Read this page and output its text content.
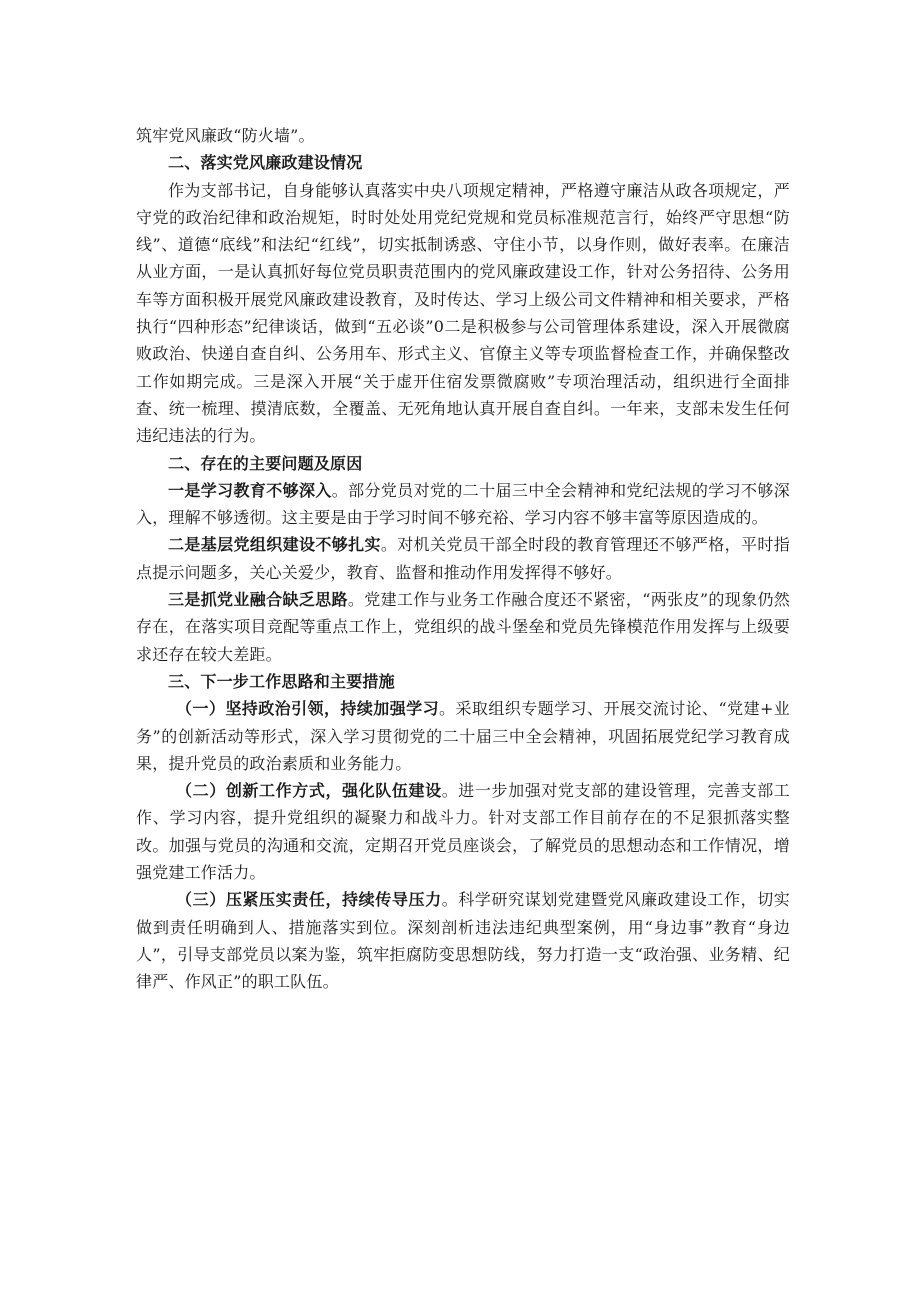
筑牢党风廉政“防火墙”。

二、落实党风廉政建设情况

作为支部书记，自身能够认真落实中央八项规定精神，严格遵守廉洁从政各项规定，严守党的政治纪律和政治规矩，时时处处用党纪党规和党员标准规范言行，始终严守思想“防线”、道德“底线”和法纪“红线”，切实抵制诱惑、守住小节，以身作则，做好表率。在廉洁从业方面，一是认真抓好每位党员职责范围内的党风廉政建设工作，针对公务招待、公务用车等方面积极开展党风廉政建设教育，及时传达、学习上级公司文件精神和相关要求，严格执行“四种形态”纪律谈话，做到“五必谈”0二是积极参与公司管理体系建设，深入开展微腐败政治、快递自查自纠、公务用车、形式主义、官僚主义等专项监督检查工作，并确保整改工作如期完成。三是深入开展“关于虚开住宿发票微腐败”专项治理活动，组织进行全面排查、统一梳理、摸清底数，全覆盖、无死角地认真开展自查自纠。一年来，支部未发生任何违纪违法的行为。

二、存在的主要问题及原因

一是学习教育不够深入。部分党员对党的二十届三中全会精神和党纪法规的学习不够深入，理解不够透彻。这主要是由于学习时间不够充裕、学习内容不够丰富等原因造成的。

二是基层党组织建设不够扎实。对机关党员干部全时段的教育管理还不够严格，平时指点提示问题多，关心关爱少，教育、监督和推动作用发挥得不够好。

三是抓党业融合缺乏思路。党建工作与业务工作融合度还不紧密，“两张皮”的现象仍然存在，在落实项目竞配等重点工作上，党组织的战斗堡垒和党员先锋模范作用发挥与上级要求还存在较大差距。

三、下一步工作思路和主要措施

（一）坚持政治引领，持续加强学习。采取组织专题学习、开展交流讨论、“党建+业务”的创新活动等形式，深入学习贯彻党的二十届三中全会精神，巩固拓展党纪学习教育成果，提升党员的政治素质和业务能力。

（二）创新工作方式，强化队伍建设。进一步加强对党支部的建设管理，完善支部工作、学习内容，提升党组织的凝聚力和战斗力。针对支部工作目前存在的不足狠抓落实整改。加强与党员的沟通和交流，定期召开党员座谈会，了解党员的思想动态和工作情况，增强党建工作活力。

（三）压紧压实责任，持续传导压力。科学研究谋划党建暨党风廉政建设工作，切实做到责任明确到人、措施落实到位。深刻剖析违法违纪典型案例，用“身边事”教育“身边人”，引导支部党员以案为鉴，筑牢拒腐防变思想防线，努力打造一支“政治强、业务精、纪律严、作风正”的职工队伍。
